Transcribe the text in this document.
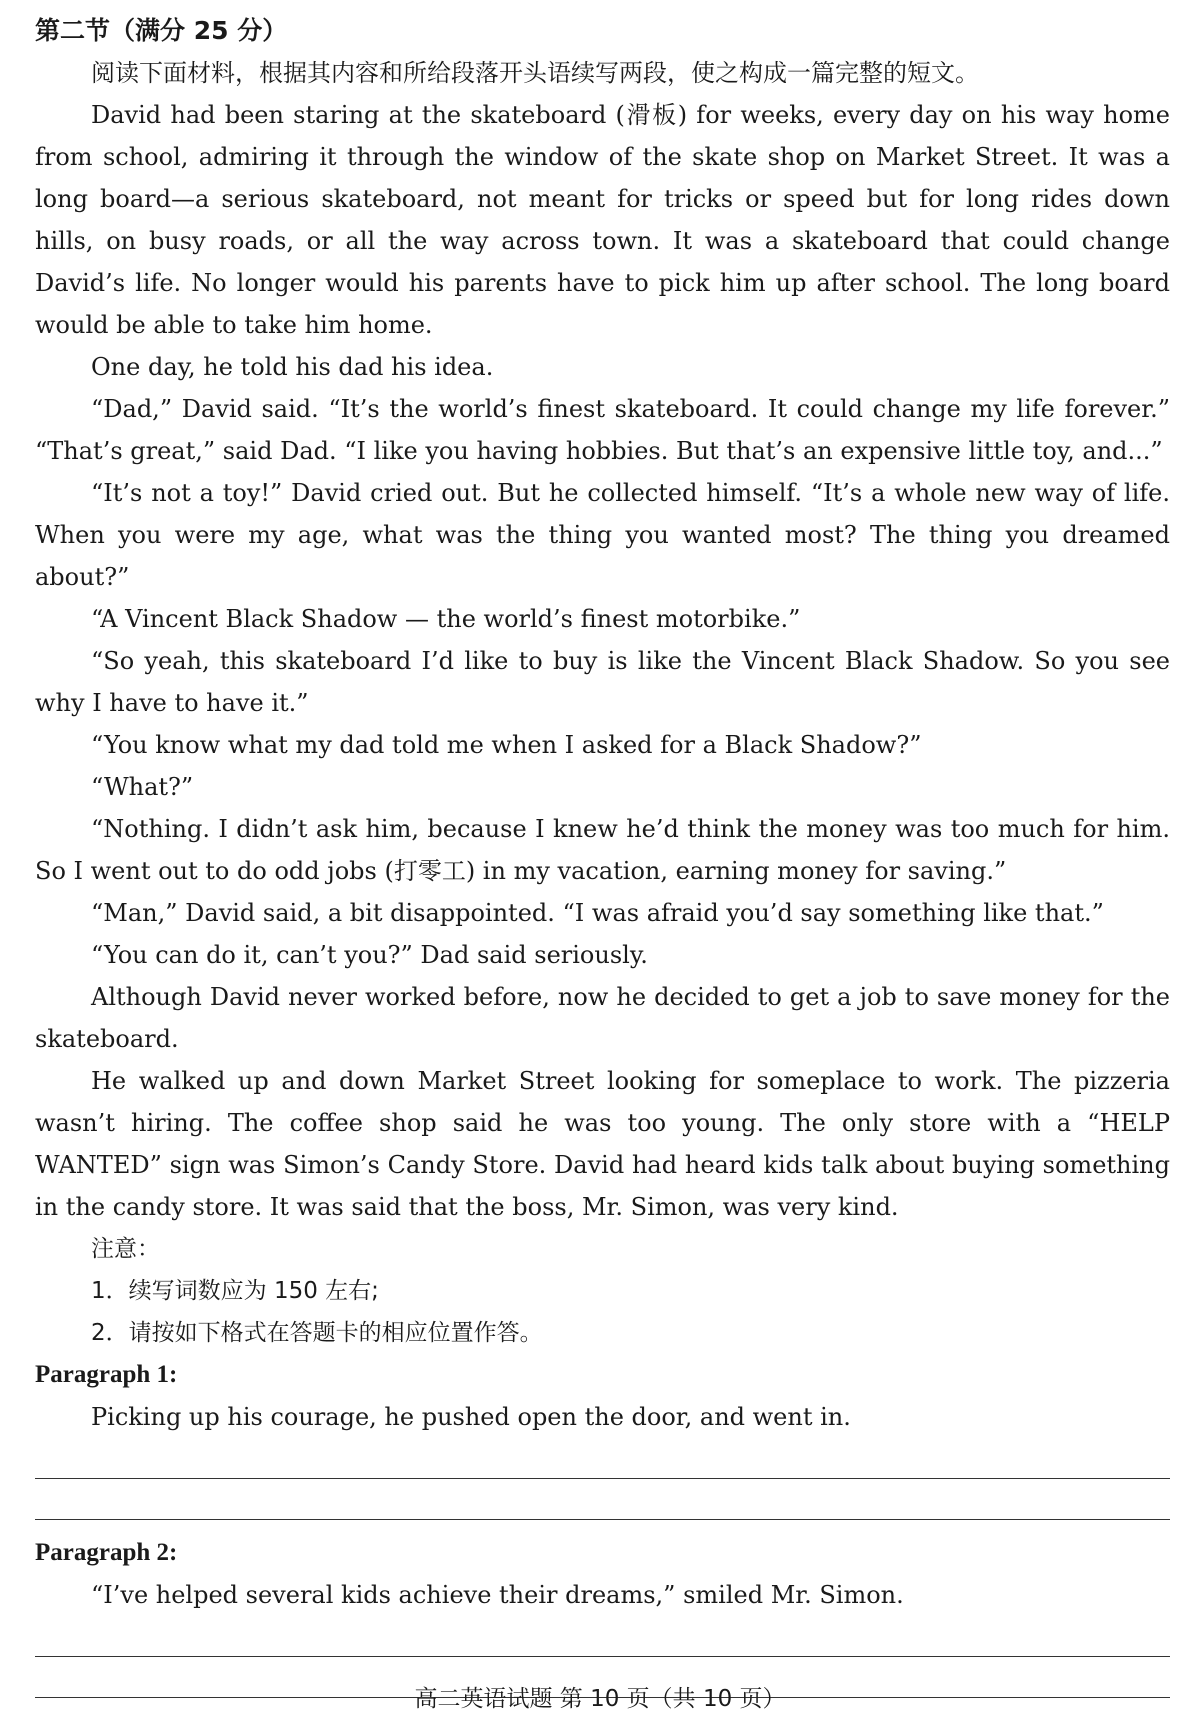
第二节（满分 25 分）

阅读下面材料，根据其内容和所给段落开头语续写两段，使之构成一篇完整的短文。

David had been staring at the skateboard (滑板) for weeks, every day on his way home from school, admiring it through the window of the skate shop on Market Street. It was a long board—a serious skateboard, not meant for tricks or speed but for long rides down hills, on busy roads, or all the way across town. It was a skateboard that could change David’s life. No longer would his parents have to pick him up after school. The long board would be able to take him home.

One day, he told his dad his idea.

“Dad,” David said. “It’s the world’s finest skateboard. It could change my life forever.” “That’s great,” said Dad. “I like you having hobbies. But that’s an expensive little toy, and...”

“It’s not a toy!” David cried out. But he collected himself. “It’s a whole new way of life. When you were my age, what was the thing you wanted most? The thing you dreamed about?”

“A Vincent Black Shadow — the world’s finest motorbike.”

“So yeah, this skateboard I’d like to buy is like the Vincent Black Shadow. So you see why I have to have it.”

“You know what my dad told me when I asked for a Black Shadow?”

“What?”

“Nothing. I didn’t ask him, because I knew he’d think the money was too much for him. So I went out to do odd jobs (打零工) in my vacation, earning money for saving.”

“Man,” David said, a bit disappointed. “I was afraid you’d say something like that.”

“You can do it, can’t you?” Dad said seriously.

Although David never worked before, now he decided to get a job to save money for the skateboard.

He walked up and down Market Street looking for someplace to work. The pizzeria wasn’t hiring. The coffee shop said he was too young. The only store with a “HELP WANTED” sign was Simon’s Candy Store. David had heard kids talk about buying something in the candy store. It was said that the boss, Mr. Simon, was very kind.

注意：

1．续写词数应为 150 左右;

2．请按如下格式在答题卡的相应位置作答。

Paragraph 1:

Picking up his courage, he pushed open the door, and went in.

Paragraph 2:

“I’ve helped several kids achieve their dreams,” smiled Mr. Simon.

高二英语试题 第 10 页（共 10 页）
